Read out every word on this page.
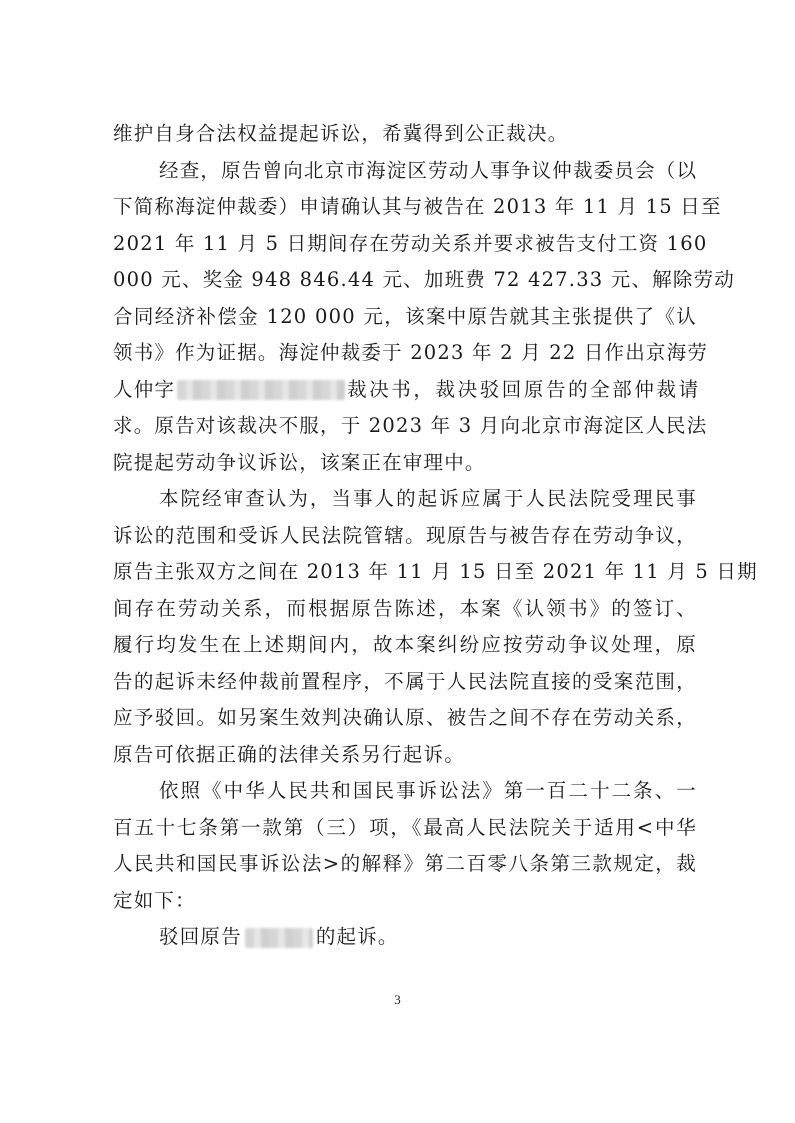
维护自身合法权益提起诉讼，希冀得到公正裁决。
经查，原告曾向北京市海淀区劳动人事争议仲裁委员会（以
下简称海淀仲裁委）申请确认其与被告在 2013 年 11 月 15 日至
2021 年 11 月 5 日期间存在劳动关系并要求被告支付工资 160
000 元、奖金 948 846.44 元、加班费 72 427.33 元、解除劳动
合同经济补偿金 120 000 元，该案中原告就其主张提供了《认
领书》作为证据。海淀仲裁委于 2023 年 2 月 22 日作出京海劳
人仲字	裁决书，裁决驳回原告的全部仲裁请
求。原告对该裁决不服，于 2023 年 3 月向北京市海淀区人民法
院提起劳动争议诉讼，该案正在审理中。
本院经审查认为，当事人的起诉应属于人民法院受理民事
诉讼的范围和受诉人民法院管辖。现原告与被告存在劳动争议，
原告主张双方之间在 2013 年 11 月 15 日至 2021 年 11 月 5 日期
间存在劳动关系，而根据原告陈述，本案《认领书》的签订、
履行均发生在上述期间内，故本案纠纷应按劳动争议处理，原
告的起诉未经仲裁前置程序，不属于人民法院直接的受案范围，
应予驳回。如另案生效判决确认原、被告之间不存在劳动关系，
原告可依据正确的法律关系另行起诉。
依照《中华人民共和国民事诉讼法》第一百二十二条、一
百五十七条第一款第（三）项，《最高人民法院关于适用<中华
人民共和国民事诉讼法>的解释》第二百零八条第三款规定，裁
定如下：
驳回原告	的起诉。
3
